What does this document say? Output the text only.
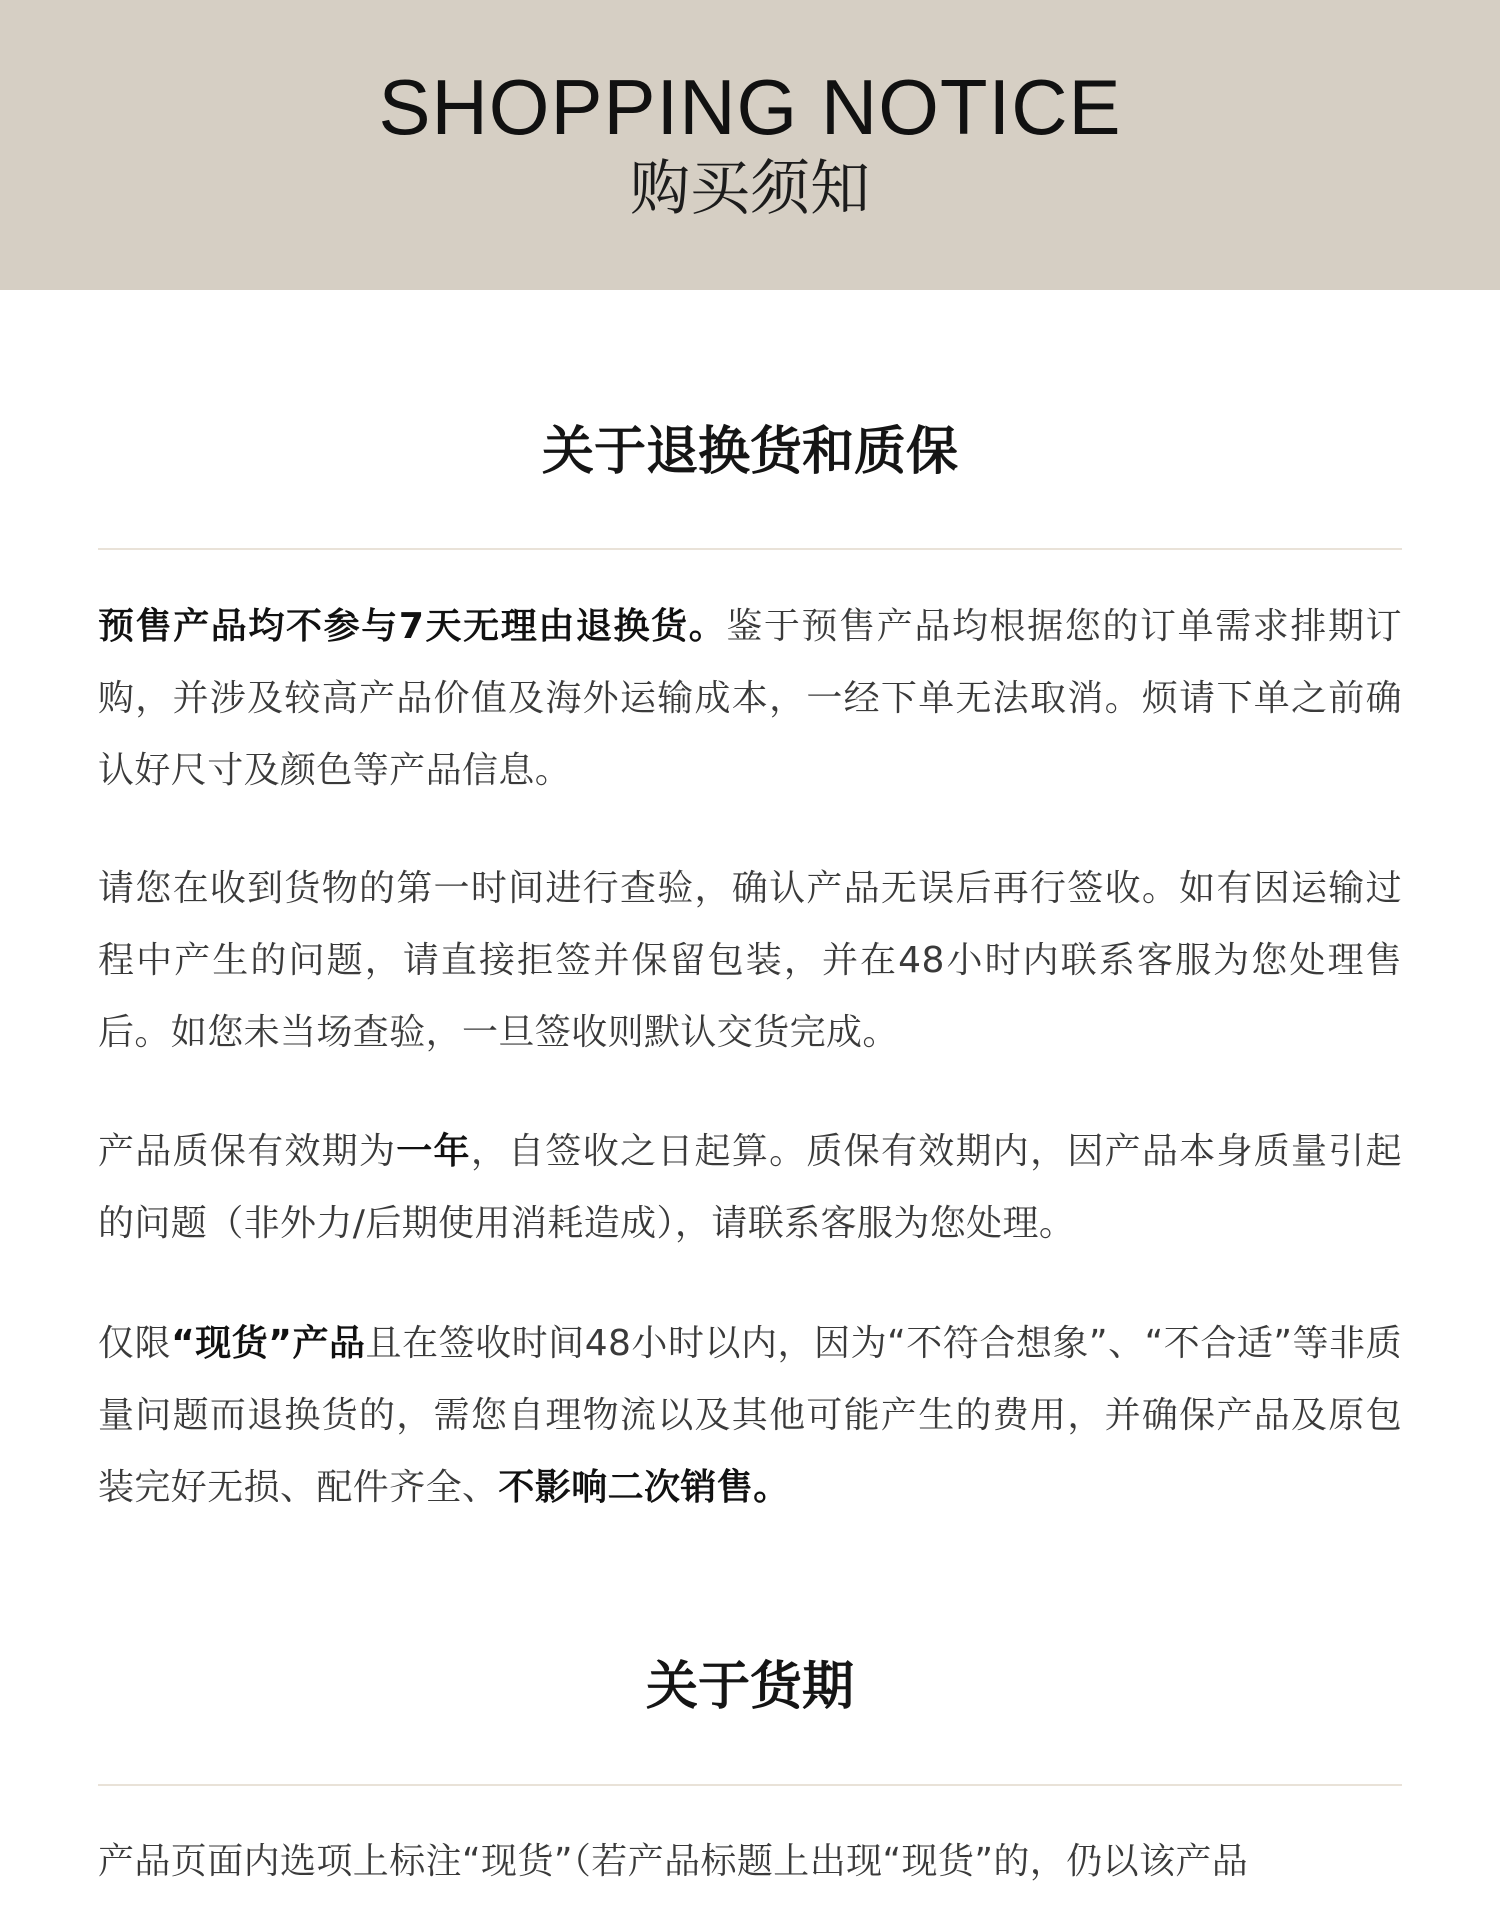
SHOPPING NOTICE
购买须知
关于退换货和质保

预售产品均不参与7天无理由退换货。鉴于预售产品均根据您的订单需求排期订购，并涉及较高产品价值及海外运输成本，一经下单无法取消。烦请下单之前确认好尺寸及颜色等产品信息。

请您在收到货物的第一时间进行查验，确认产品无误后再行签收。如有因运输过程中产生的问题，请直接拒签并保留包装，并在48小时内联系客服为您处理售后。如您未当场查验，一旦签收则默认交货完成。

产品质保有效期为一年，自签收之日起算。质保有效期内，因产品本身质量引起的问题（非外力/后期使用消耗造成），请联系客服为您处理。

仅限“现货”产品且在签收时间48小时以内，因为“不符合想象”、“不合适”等非质量问题而退换货的，需您自理物流以及其他可能产生的费用，并确保产品及原包装完好无损、配件齐全、不影响二次销售。

关于货期

产品页面内选项上标注“现货”（若产品标题上出现“现货”的，仍以该产品
